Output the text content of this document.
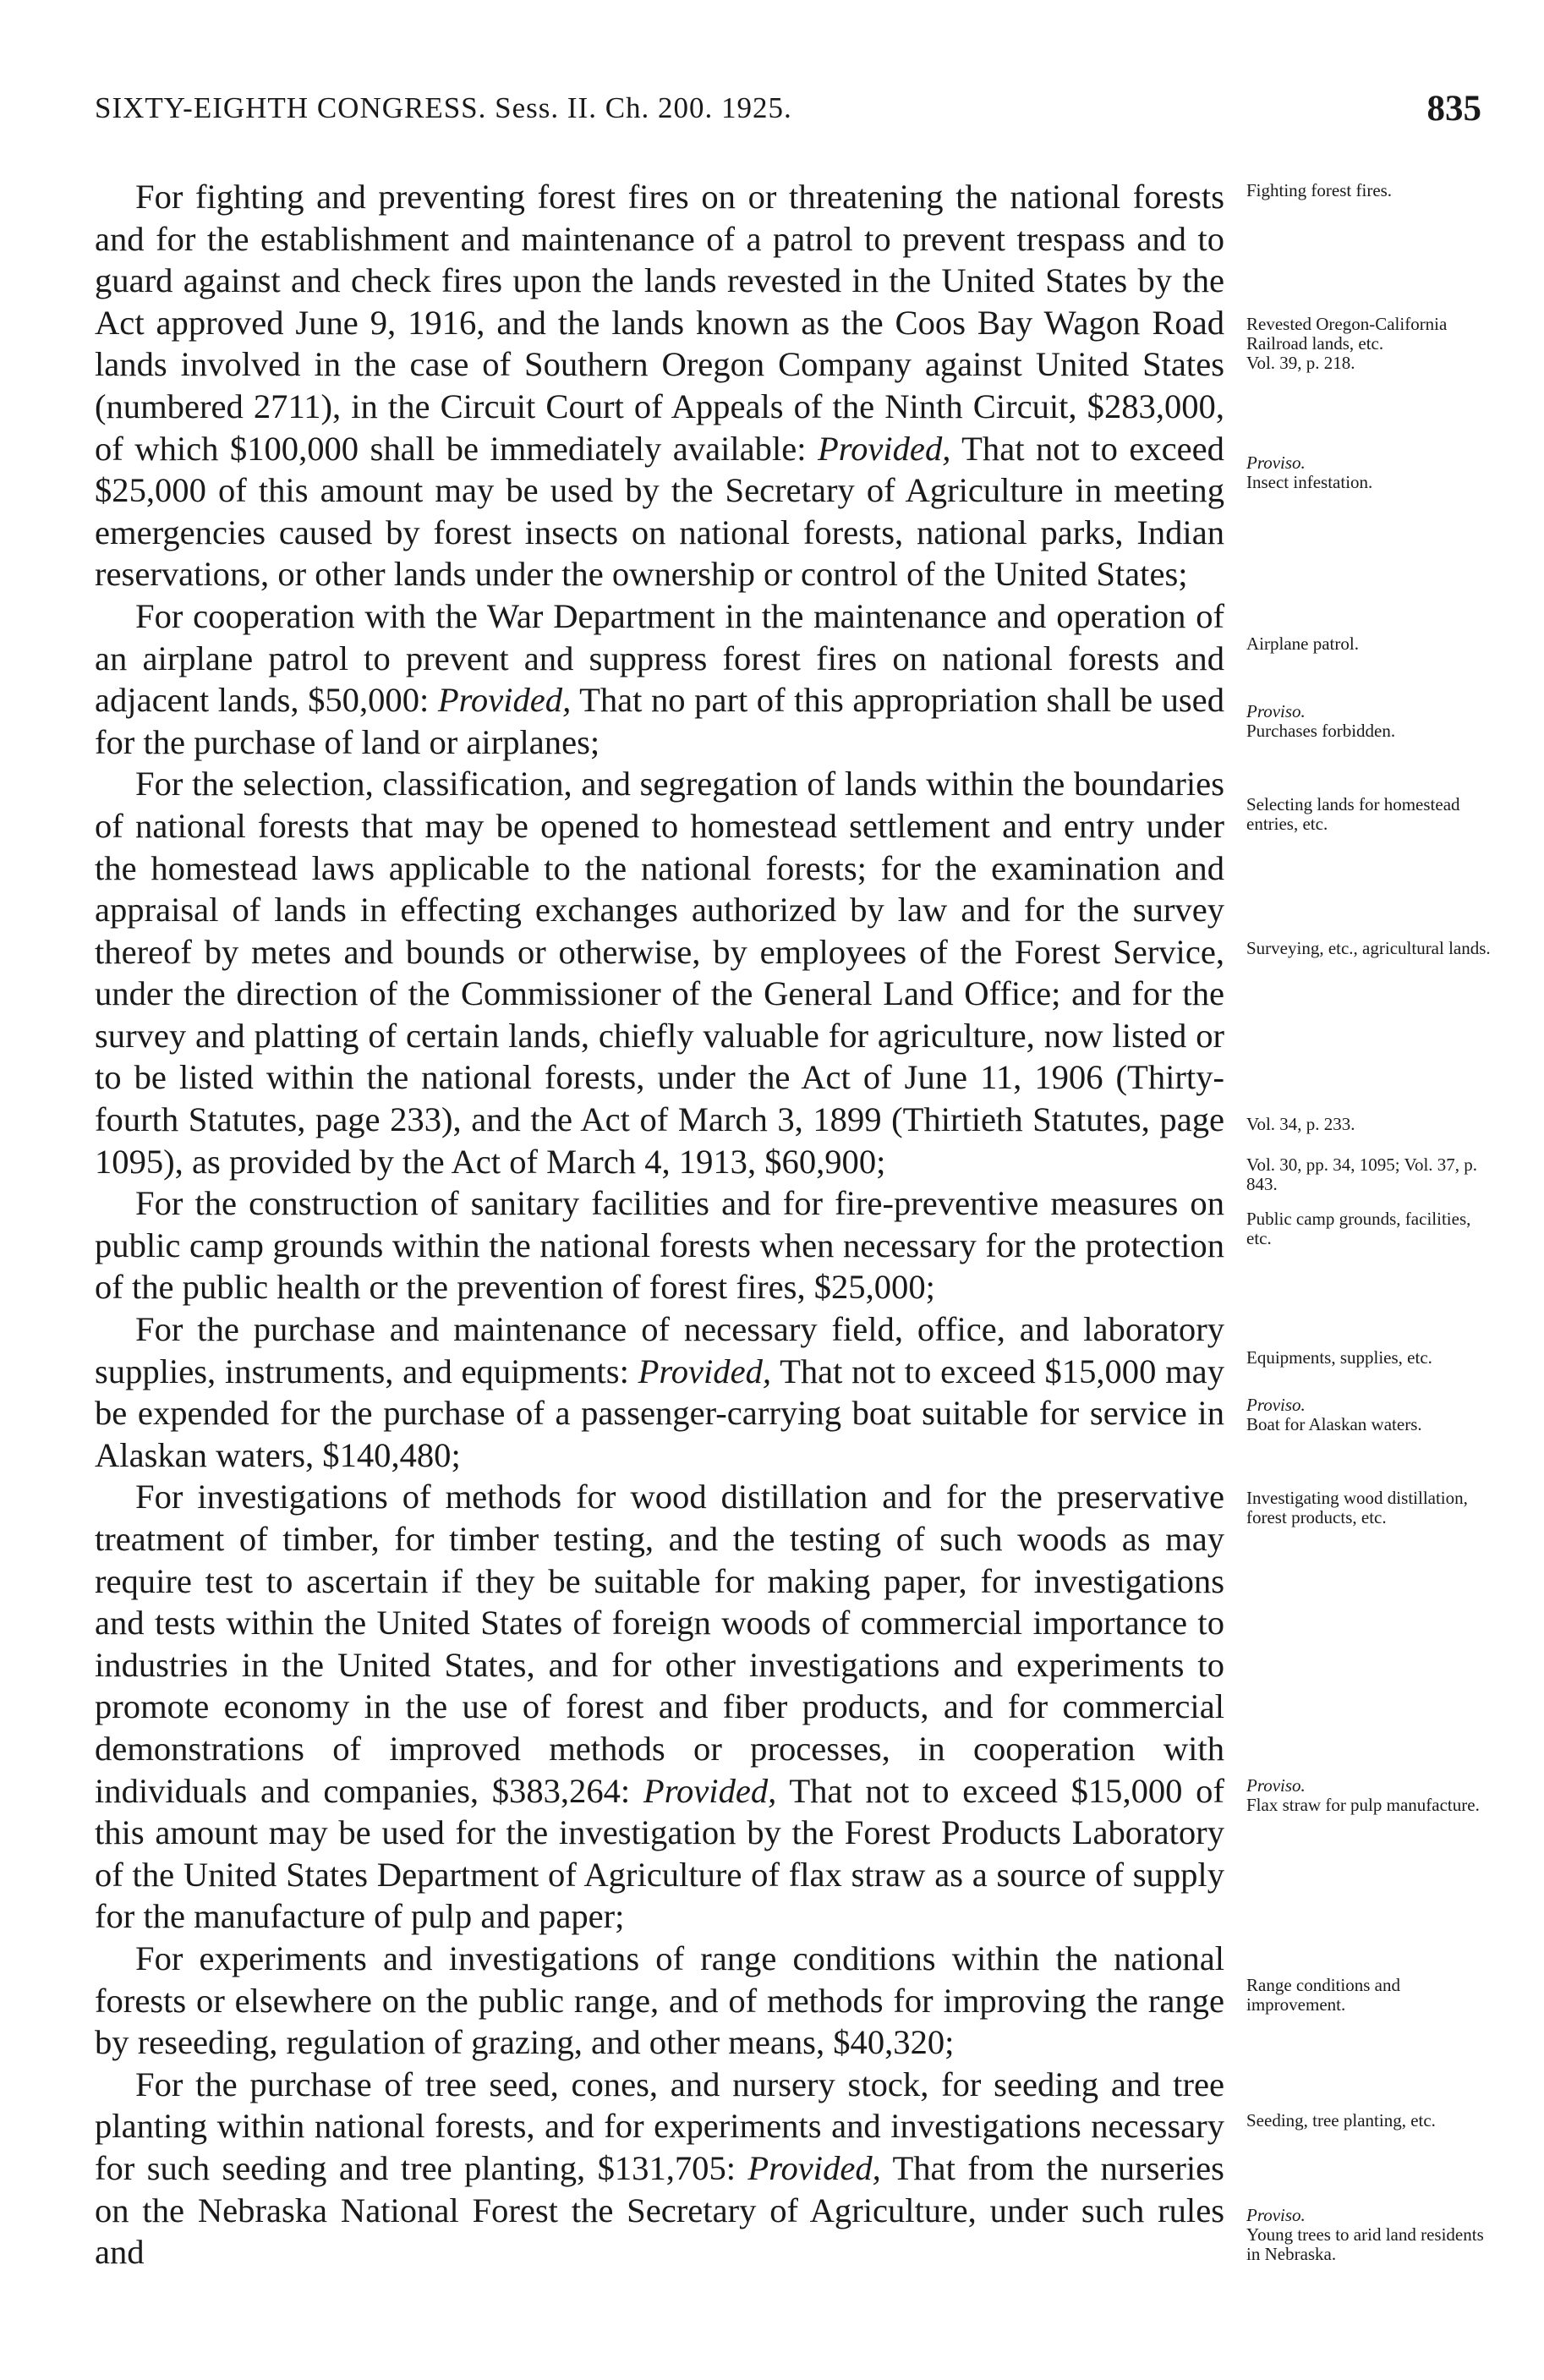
SIXTY-EIGHTH CONGRESS. Sess. II. Ch. 200. 1925.	835

For fighting and preventing forest fires on or threatening the national forests and for the establishment and maintenance of a patrol to prevent trespass and to guard against and check fires upon the lands revested in the United States by the Act approved June 9, 1916, and the lands known as the Coos Bay Wagon Road lands involved in the case of Southern Oregon Company against United States (numbered 2711), in the Circuit Court of Appeals of the Ninth Circuit, $283,000, of which $100,000 shall be immediately available: Provided, That not to exceed $25,000 of this amount may be used by the Secretary of Agriculture in meeting emergencies caused by forest insects on national forests, national parks, Indian reservations, or other lands under the ownership or control of the United States;

For cooperation with the War Department in the maintenance and operation of an airplane patrol to prevent and suppress forest fires on national forests and adjacent lands, $50,000: Provided, That no part of this appropriation shall be used for the purchase of land or airplanes;

For the selection, classification, and segregation of lands within the boundaries of national forests that may be opened to homestead settlement and entry under the homestead laws applicable to the national forests; for the examination and appraisal of lands in effecting exchanges authorized by law and for the survey thereof by metes and bounds or otherwise, by employees of the Forest Service, under the direction of the Commissioner of the General Land Office; and for the survey and platting of certain lands, chiefly valuable for agriculture, now listed or to be listed within the national forests, under the Act of June 11, 1906 (Thirty-fourth Statutes, page 233), and the Act of March 3, 1899 (Thirtieth Statutes, page 1095), as provided by the Act of March 4, 1913, $60,900;

For the construction of sanitary facilities and for fire-preventive measures on public camp grounds within the national forests when necessary for the protection of the public health or the prevention of forest fires, $25,000;

For the purchase and maintenance of necessary field, office, and laboratory supplies, instruments, and equipments: Provided, That not to exceed $15,000 may be expended for the purchase of a passenger-carrying boat suitable for service in Alaskan waters, $140,480;

For investigations of methods for wood distillation and for the preservative treatment of timber, for timber testing, and the testing of such woods as may require test to ascertain if they be suitable for making paper, for investigations and tests within the United States of foreign woods of commercial importance to industries in the United States, and for other investigations and experiments to promote economy in the use of forest and fiber products, and for commercial demonstrations of improved methods or processes, in cooperation with individuals and companies, $383,264: Provided, That not to exceed $15,000 of this amount may be used for the investigation by the Forest Products Laboratory of the United States Department of Agriculture of flax straw as a source of supply for the manufacture of pulp and paper;

For experiments and investigations of range conditions within the national forests or elsewhere on the public range, and of methods for improving the range by reseeding, regulation of grazing, and other means, $40,320;

For the purchase of tree seed, cones, and nursery stock, for seeding and tree planting within national forests, and for experiments and investigations necessary for such seeding and tree planting, $131,705: Provided, That from the nurseries on the Nebraska National Forest the Secretary of Agriculture, under such rules and

Fighting forest fires.

Revested Oregon-California Railroad lands, etc.
Vol. 39, p. 218.

Proviso.
Insect infestation.

Airplane patrol.

Proviso.
Purchases forbidden.

Selecting lands for homestead entries, etc.

Surveying, etc., agricultural lands.

Vol. 34, p. 233.

Vol. 30, pp. 34, 1095; Vol. 37, p. 843.

Public camp grounds, facilities, etc.

Equipments, supplies, etc.

Proviso.
Boat for Alaskan waters.

Investigating wood distillation, forest products, etc.

Proviso.
Flax straw for pulp manufacture.

Range conditions and improvement.

Seeding, tree planting, etc.

Proviso.
Young trees to arid land residents in Nebraska.
